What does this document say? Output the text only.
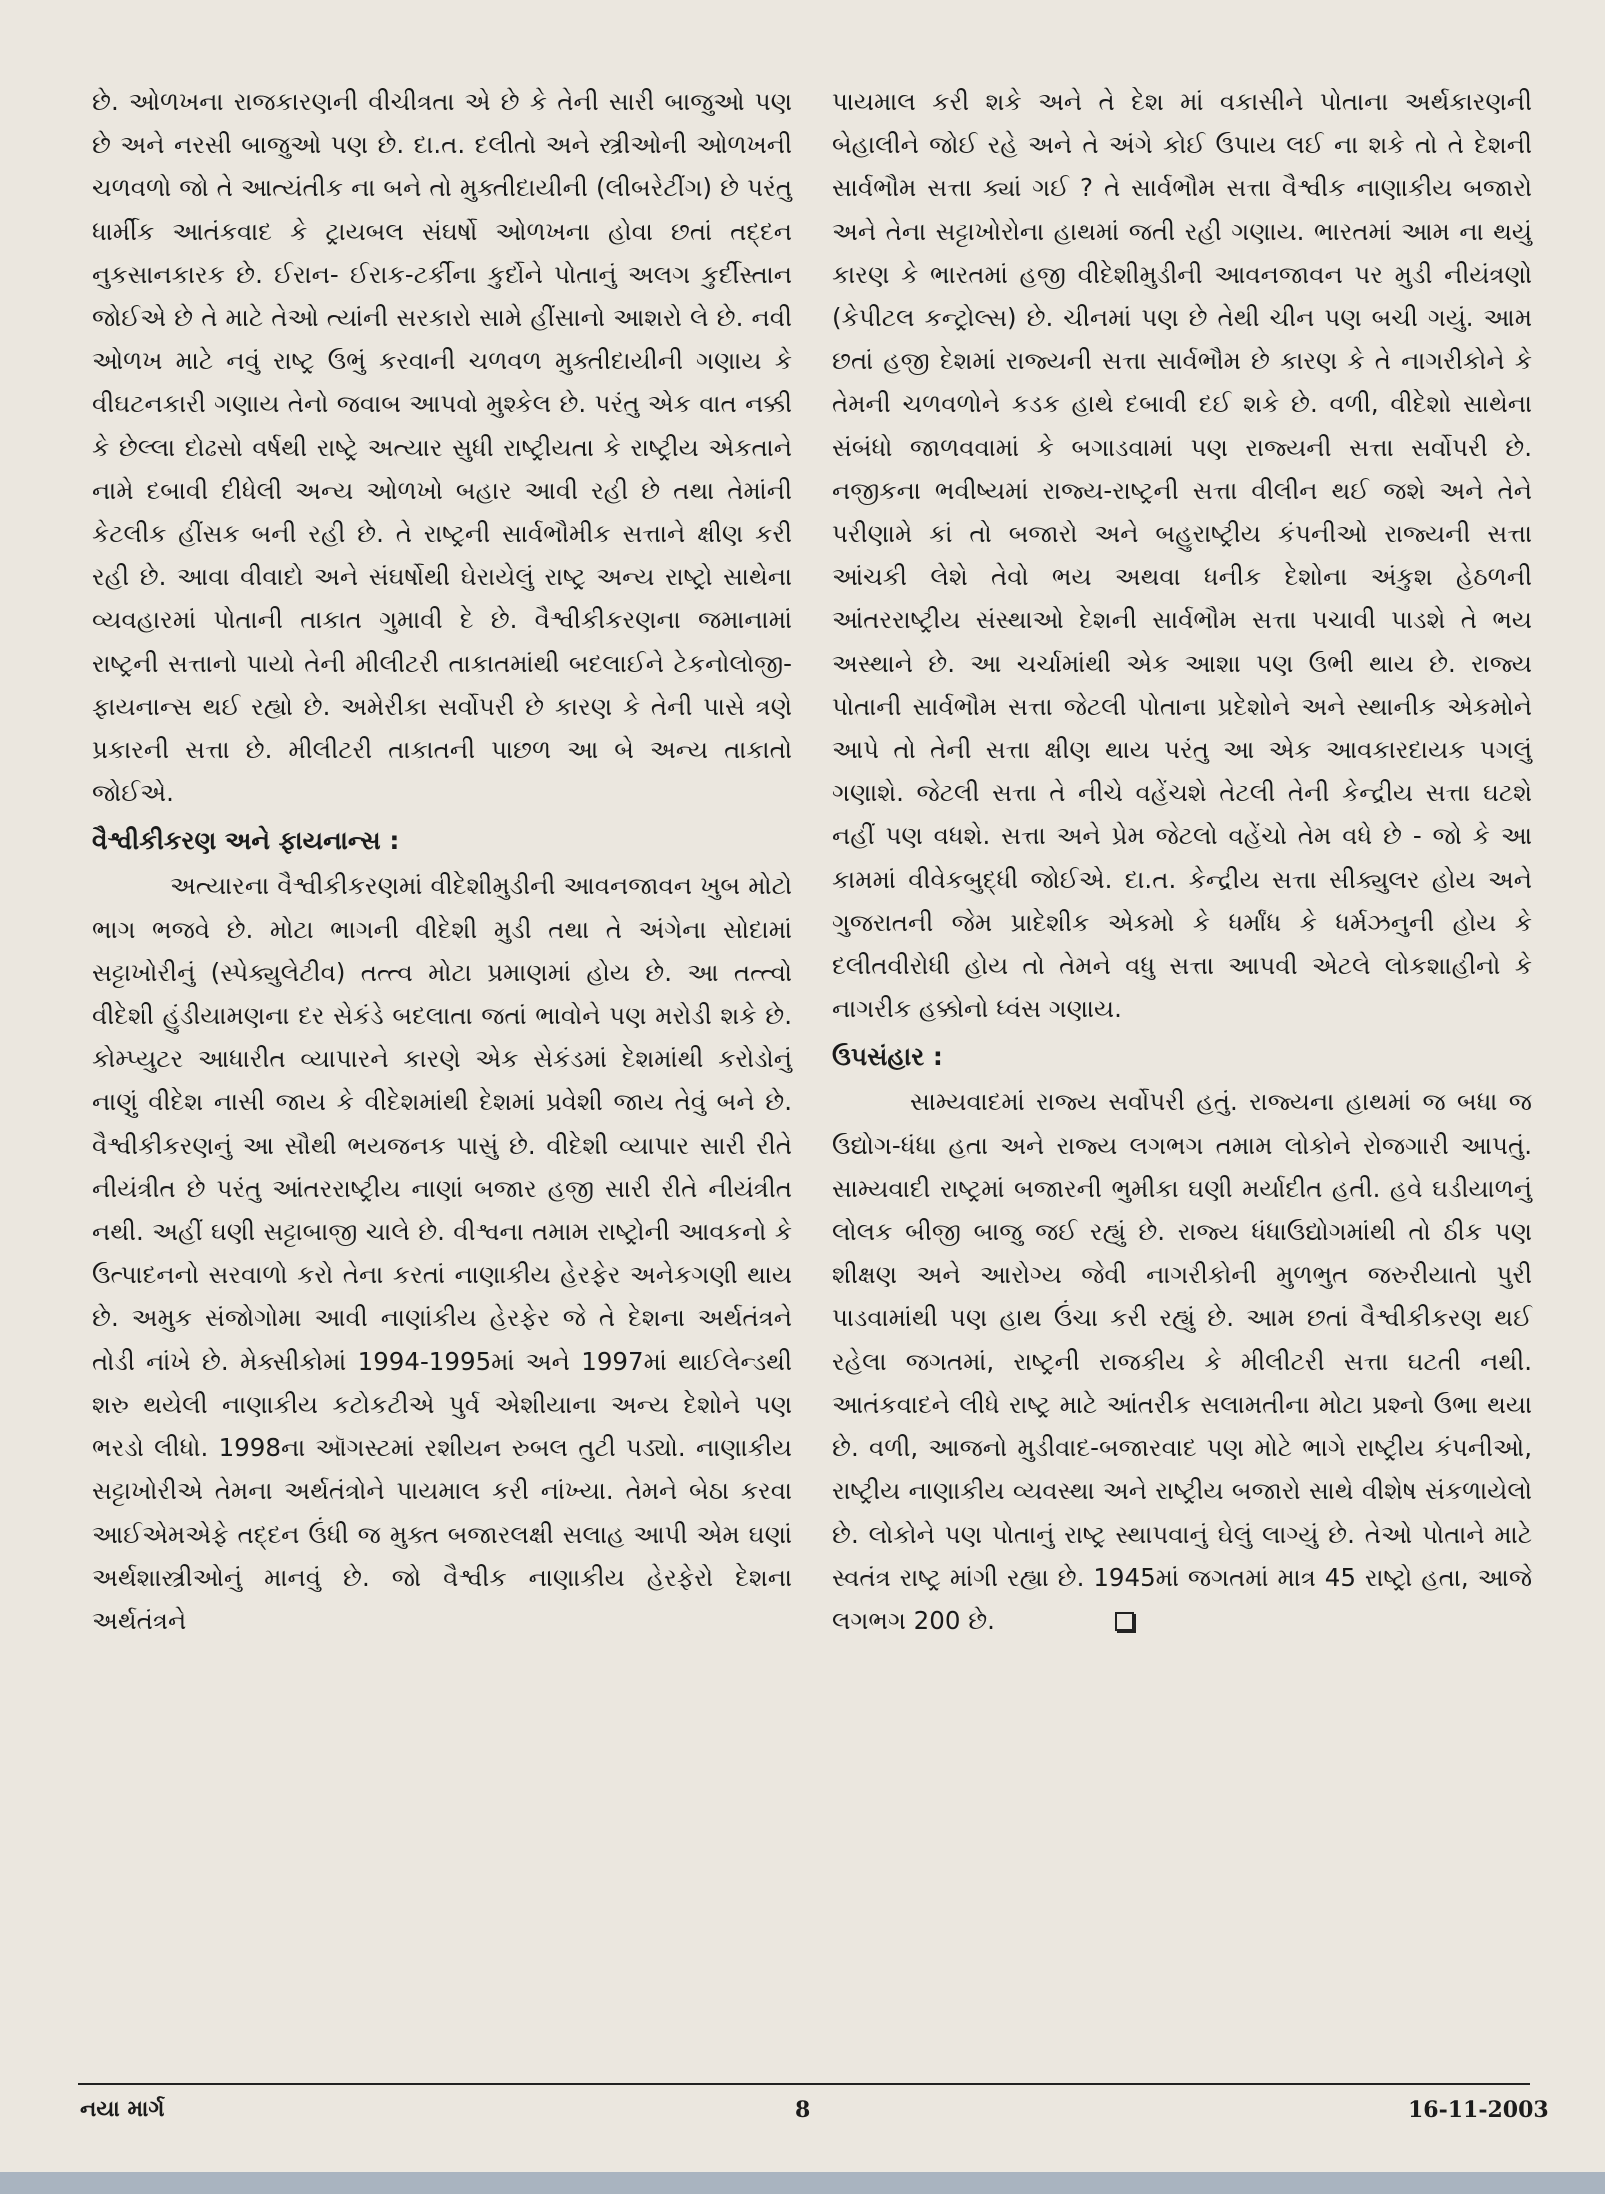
છે. ઓળખના રાજકારણની વીચીત્રતા એ છે કે તેની સારી બાજુઓ પણ છે અને નરસી બાજુઓ પણ છે. દા.ત. દલીતો અને સ્ત્રીઓની ઓળખની ચળવળો જો તે આત્યંતીક ના બને તો મુક્તીદાયીની (લીબરેટીંગ) છે પરંતુ ધાર્મીક આતંકવાદ કે ટ્રાયબલ સંઘર્ષો ઓળખના હોવા છતાં તદ્દન નુકસાનકારક છે. ઈરાન- ઈરાક-ટર્કીના કુર્દોને પોતાનું અલગ કુર્દીસ્તાન જોઈએ છે તે માટે તેઓ ત્યાંની સરકારો સામે હીંસાનો આશરો લે છે. નવી ઓળખ માટે નવું રાષ્ટ્ર ઉભું કરવાની ચળવળ મુક્તીદાયીની ગણાય કે વીઘટનકારી ગણાય તેનો જવાબ આપવો મુશ્કેલ છે. પરંતુ એક વાત નક્કી કે છેલ્લા દોઢસો વર્ષથી રાષ્ટ્રે અત્યાર સુધી રાષ્ટ્રીયતા કે રાષ્ટ્રીય એકતાને નામે દબાવી દીધેલી અન્ય ઓળખો બહાર આવી રહી છે તથા તેમાંની કેટલીક હીંસક બની રહી છે. તે રાષ્ટ્રની સાર્વભૌમીક સત્તાને ક્ષીણ કરી રહી છે. આવા વીવાદો અને સંઘર્ષોથી ઘેરાયેલું રાષ્ટ્ર અન્ય રાષ્ટ્રો સાથેના વ્યવહારમાં પોતાની તાકાત ગુમાવી દે છે. વૈશ્વીકીકરણના જમાનામાં રાષ્ટ્રની સત્તાનો પાયો તેની મીલીટરી તાકાતમાંથી બદલાઈને ટેકનોલોજી-ફાયનાન્સ થઈ રહ્યો છે. અમેરીકા સર્વોપરી છે કારણ કે તેની પાસે ત્રણે પ્રકારની સત્તા છે. મીલીટરી તાકાતની પાછળ આ બે અન્ય તાકાતો જોઈએ.

વૈશ્વીકીકરણ અને ફાયનાન્સ :

અત્યારના વૈશ્વીકીકરણમાં વીદેશીમુડીની આવનજાવન ખુબ મોટો ભાગ ભજવે છે. મોટા ભાગની વીદેશી મુડી તથા તે અંગેના સોદામાં સટ્ટાખોરીનું (સ્પેક્યુલેટીવ) તત્ત્વ મોટા પ્રમાણમાં હોય છે. આ તત્ત્વો વીદેશી હુંડીયામણના દર સેકંડે બદલાતા જતાં ભાવોને પણ મરોડી શકે છે. કોમ્પ્યુટર આધારીત વ્યાપારને કારણે એક સેકંડમાં દેશમાંથી કરોડોનું નાણું વીદેશ નાસી જાય કે વીદેશમાંથી દેશમાં પ્રવેશી જાય તેવું બને છે. વૈશ્વીકીકરણનું આ સૌથી ભયજનક પાસું છે. વીદેશી વ્યાપાર સારી રીતે નીયંત્રીત છે પરંતુ આંતરરાષ્ટ્રીય નાણાં બજાર હજી સારી રીતે નીયંત્રીત નથી. અહીં ઘણી સટ્ટાબાજી ચાલે છે. વીશ્વના તમામ રાષ્ટ્રોની આવકનો કે ઉત્પાદનનો સરવાળો કરો તેના કરતાં નાણાકીય હેરફેર અનેકગણી થાય છે. અમુક સંજોગોમા આવી નાણાંકીય હેરફેર જે તે દેશના અર્થતંત્રને તોડી નાંખે છે. મેક્સીકોમાં 1994-1995માં અને 1997માં થાઈલેન્ડથી શરુ થયેલી નાણાકીય કટોકટીએ પુર્વ એશીયાના અન્ય દેશોને પણ ભરડો લીધો. 1998ના ઑગસ્ટમાં રશીયન રુબલ તુટી પડ્યો. નાણાકીય સટ્ટાખોરીએ તેમના અર્થતંત્રોને પાયમાલ કરી નાંખ્યા. તેમને બેઠા કરવા આઈએમએફે તદ્દન ઉંધી જ મુક્ત બજારલક્ષી સલાહ આપી એમ ઘણાં અર્થશાસ્ત્રીઓનું માનવું છે. જો વૈશ્વીક નાણાકીય હેરફેરો દેશના અર્થતંત્રને

પાયમાલ કરી શકે અને તે દેશ માં વકાસીને પોતાના અર્થકારણની બેહાલીને જોઈ રહે અને તે અંગે કોઈ ઉપાય લઈ ના શકે તો તે દેશની સાર્વભૌમ સત્તા ક્યાં ગઈ ? તે સાર્વભૌમ સત્તા વૈશ્વીક નાણાકીય બજારો અને તેના સટ્ટાખોરોના હાથમાં જતી રહી ગણાય. ભારતમાં આમ ના થયું કારણ કે ભારતમાં હજી વીદેશીમુડીની આવનજાવન પર મુડી નીયંત્રણો (કેપીટલ કન્ટ્રોલ્સ) છે. ચીનમાં પણ છે તેથી ચીન પણ બચી ગયું. આમ છતાં હજી દેશમાં રાજ્યની સત્તા સાર્વભૌમ છે કારણ કે તે નાગરીકોને કે તેમની ચળવળોને કડક હાથે દબાવી દઈ શકે છે. વળી, વીદેશો સાથેના સંબંધો જાળવવામાં કે બગાડવામાં પણ રાજ્યની સત્તા સર્વોપરી છે. નજીકના ભવીષ્યમાં રાજ્ય-રાષ્ટ્રની સત્તા વીલીન થઈ જશે અને તેને પરીણામે કાં તો બજારો અને બહુરાષ્ટ્રીય કંપનીઓ રાજ્યની સત્તા આંચકી લેશે તેવો ભય અથવા ધનીક દેશોના અંકુશ હેઠળની આંતરરાષ્ટ્રીય સંસ્થાઓ દેશની સાર્વભૌમ સત્તા પચાવી પાડશે તે ભય અસ્થાને છે. આ ચર્ચામાંથી એક આશા પણ ઉભી થાય છે. રાજ્ય પોતાની સાર્વભૌમ સત્તા જેટલી પોતાના પ્રદેશોને અને સ્થાનીક એકમોને આપે તો તેની સત્તા ક્ષીણ થાય પરંતુ આ એક આવકારદાયક પગલું ગણાશે. જેટલી સત્તા તે નીચે વહેંચશે તેટલી તેની કેન્દ્રીય સત્તા ઘટશે નહીં પણ વધશે. સત્તા અને પ્રેમ જેટલો વહેંચો તેમ વધે છે - જો કે આ કામમાં વીવેકબુદ્ધી જોઈએ. દા.ત. કેન્દ્રીય સત્તા સીક્યુલર હોય અને ગુજરાતની જેમ પ્રાદેશીક એકમો કે ધર્માંધ કે ધર્મઝનુની હોય કે દલીતવીરોધી હોય તો તેમને વધુ સત્તા આપવી એટલે લોકશાહીનો કે નાગરીક હક્કોનો ધ્વંસ ગણાય.

ઉપસંહાર :

સામ્યવાદમાં રાજ્ય સર્વોપરી હતું. રાજ્યના હાથમાં જ બધા જ ઉદ્યોગ-ધંધા હતા અને રાજ્ય લગભગ તમામ લોકોને રોજગારી આપતું. સામ્યવાદી રાષ્ટ્રમાં બજારની ભુમીકા ઘણી મર્યાદીત હતી. હવે ઘડીયાળનું લોલક બીજી બાજુ જઈ રહ્યું છે. રાજ્ય ધંધાઉદ્યોગમાંથી તો ઠીક પણ શીક્ષણ અને આરોગ્ય જેવી નાગરીકોની મુળભુત જરુરીયાતો પુરી પાડવામાંથી પણ હાથ ઉંચા કરી રહ્યું છે. આમ છતાં વૈશ્વીકીકરણ થઈ રહેલા જગતમાં, રાષ્ટ્રની રાજકીય કે મીલીટરી સત્તા ઘટતી નથી. આતંકવાદને લીધે રાષ્ટ્ર માટે આંતરીક સલામતીના મોટા પ્રશ્નો ઉભા થયા છે. વળી, આજનો મુડીવાદ-બજારવાદ પણ મોટે ભાગે રાષ્ટ્રીય કંપનીઓ, રાષ્ટ્રીય નાણાકીય વ્યવસ્થા અને રાષ્ટ્રીય બજારો સાથે વીશેષ સંકળાયેલો છે. લોકોને પણ પોતાનું રાષ્ટ્ર સ્થાપવાનું ઘેલું લાગ્યું છે. તેઓ પોતાને માટે સ્વતંત્ર રાષ્ટ્ર માંગી રહ્યા છે. 1945માં જગતમાં માત્ર 45 રાષ્ટ્રો હતા, આજે લગભગ 200 છે.

નયા માર્ગ	8	16-11-2003
